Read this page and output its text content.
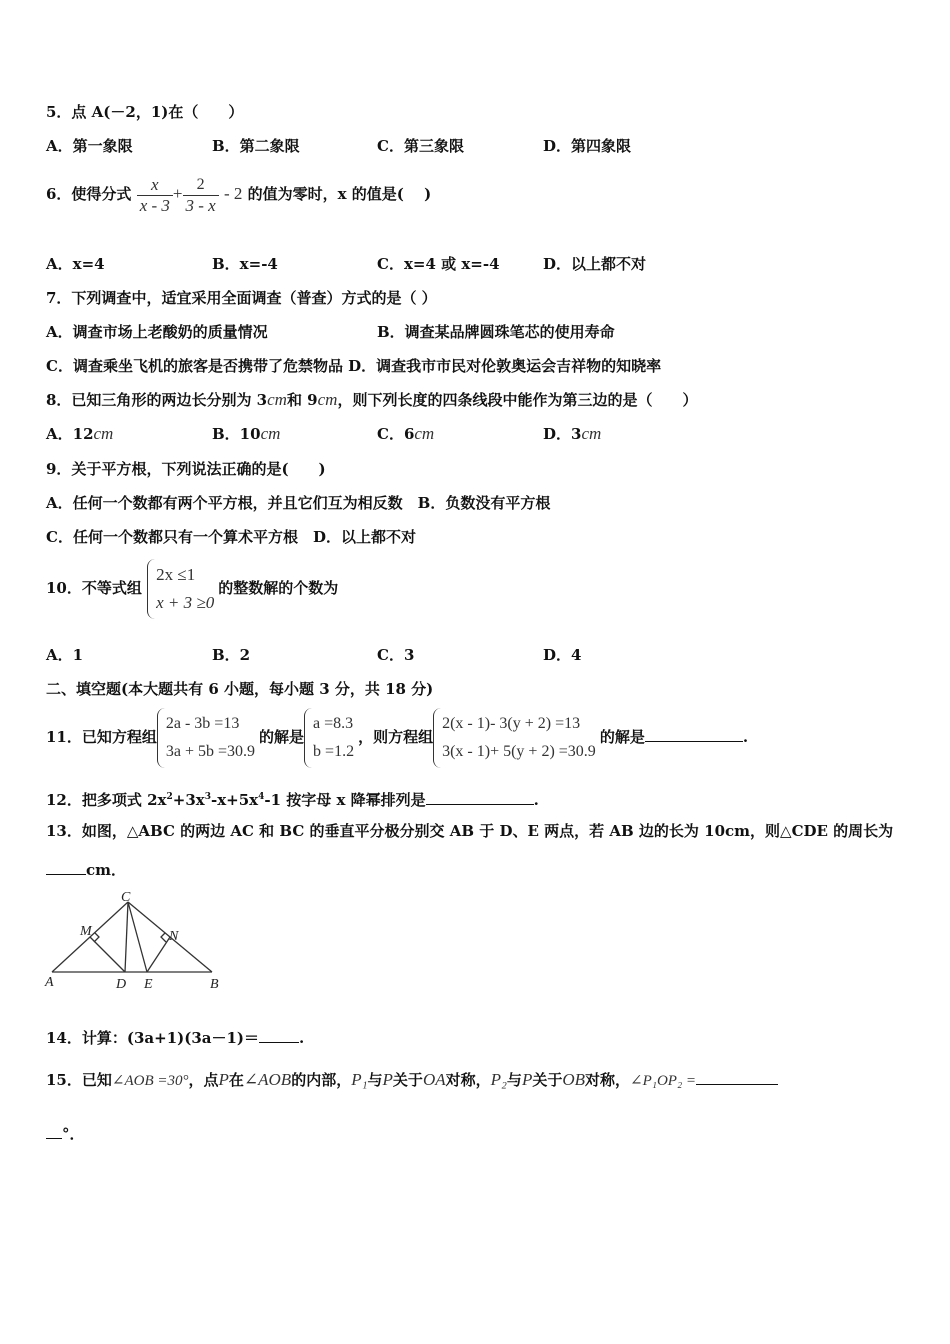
5．点 A(－2，1)在（　　）
A．第一象限	B．第二象限	C．第三象限	D．第四象限
6．使得分式 $\frac{x}{x - 3} + \frac{2}{3 - x} - 2$ 的值为零时，x 的值是(　 )
A．x=4	B．x=-4	C．x=4 或 x=-4	D．以上都不对
7．下列调查中，适宜采用全面调查（普查）方式的是（ ）
A．调查市场上老酸奶的质量情况	B．调查某品牌圆珠笔芯的使用寿命
C．调查乘坐飞机的旅客是否携带了危禁物品 D．调查我市市民对伦敦奥运会吉祥物的知晓率
8．已知三角形的两边长分别为 3cm和 9cm，则下列长度的四条线段中能作为第三边的是（　　）
A．12cm	B．10cm	C．6cm	D．3cm
9．关于平方根，下列说法正确的是(　　)
A．任何一个数都有两个平方根，并且它们互为相反数　B．负数没有平方根
C．任何一个数都只有一个算术平方根　D．以上都不对
10．不等式组
2x ≤1
x + 3 ≥0
的整数解的个数为
A．1	B．2	C．3	D．4
二、填空题(本大题共有 6 小题，每小题 3 分，共 18 分)
11．已知方程组
2a - 3b =13
3a + 5b =30.9
的解是
a =8.3
b =1.2
，则方程组
2(x - 1)- 3(y + 2) =13
3(x - 1)+ 5(y + 2) =30.9
的解是	.
12．把多项式 $2x^2+3x^3-x+5x^4-1$ 按字母 x 降幂排列是	.
13．如图，△ABC 的两边 AC 和 BC 的垂直平分极分别交 AB 于 D、E 两点，若 AB 边的长为 10cm，则△CDE 的周长为
cm．
C
M	N
A	D E	B
14．计算：(3a+1)(3a－1)＝	.
15．已知∠AOB =30°，点P在∠AOB的内部，P₁与P关于OA对称，P₂与P关于OB对称，∠P₁OP₂ =
°．
